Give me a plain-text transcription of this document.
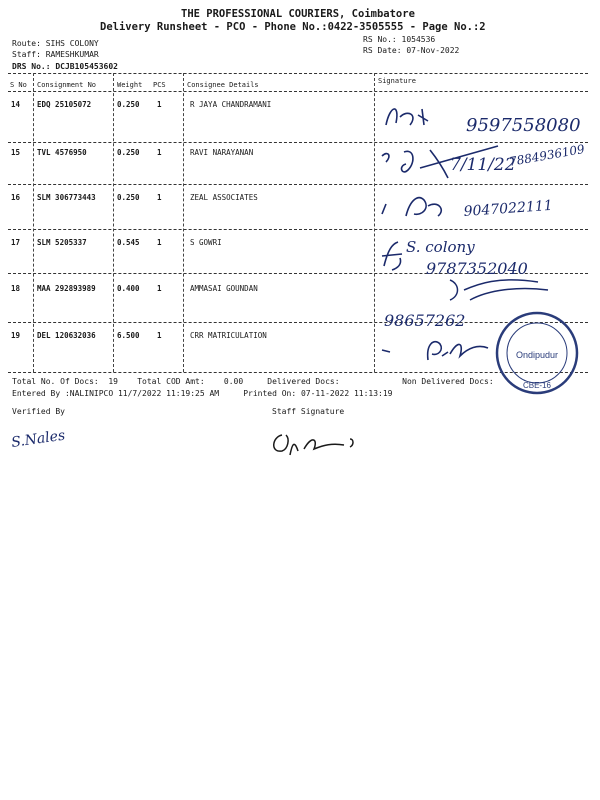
THE PROFESSIONAL COURIERS, Coimbatore
Delivery Runsheet - PCO - Phone No.:0422-3505555 - Page No.:2
Route: SIHS COLONY
Staff: RAMESHKUMAR
DRS No.: DCJB105453602
RS No.: 1054536
RS Date: 07-Nov-2022
S No Consignment No	Weight PCS	Consignee Details	Signature
14 EDQ 25105072	0.250 1	R JAYA CHANDRAMANI
15 TVL 4576950	0.250 1	RAVI NARAYANAN
16 SLM 306773443	0.250 1	ZEAL ASSOCIATES
17 SLM 5205337	0.545 1	S GOWRI
18 MAA 292893989	0.400 1	AMMASAI GOUNDAN
19 DEL 120632036	6.500 1	CRR MATRICULATION
9597558080
7/11/22
7884936109
9047022111
S. colony
9787352040
98657262
Ondipudur
CBE-16
Total No. Of Docs:  19    Total COD Amt:    0.00     Delivered Docs:             Non Delivered Docs:
Entered By :NALINIPCO 11/7/2022 11:19:25 AM     Printed On: 07-11-2022 11:13:19
Verified By	Staff Signature
S.Nales
